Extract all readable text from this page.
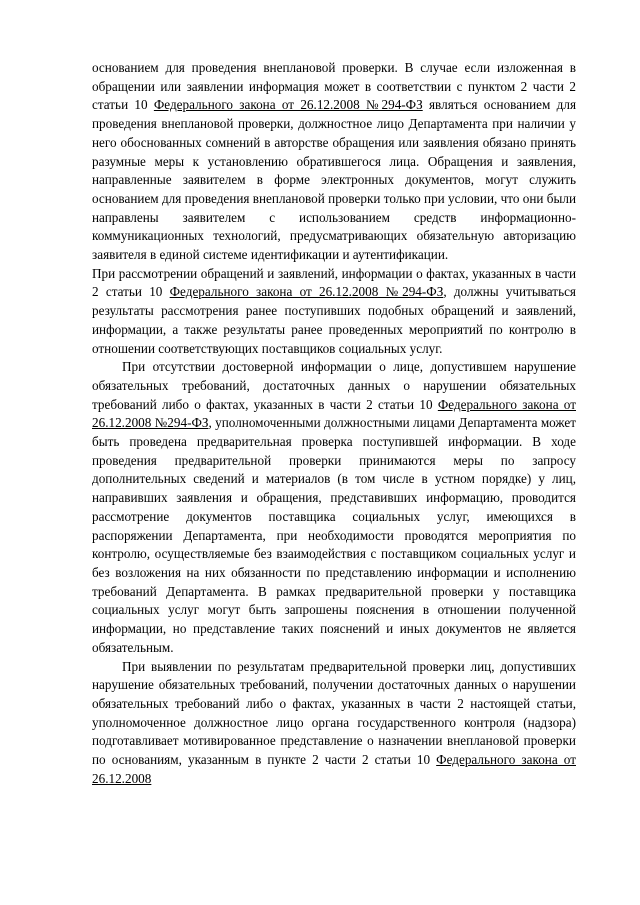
основанием для проведения внеплановой проверки. В случае если изложенная в обращении или заявлении информация может в соответствии с пунктом 2 части 2 статьи 10 Федерального закона от 26.12.2008 №294-ФЗ являться основанием для проведения внеплановой проверки, должностное лицо Департамента при наличии у него обоснованных сомнений в авторстве обращения или заявления обязано принять разумные меры к установлению обратившегося лица. Обращения и заявления, направленные заявителем в форме электронных документов, могут служить основанием для проведения внеплановой проверки только при условии, что они были направлены заявителем с использованием средств информационно-коммуникационных технологий, предусматривающих обязательную авторизацию заявителя в единой системе идентификации и аутентификации.

При рассмотрении обращений и заявлений, информации о фактах, указанных в части 2 статьи 10 Федерального закона от 26.12.2008 №294-ФЗ, должны учитываться результаты рассмотрения ранее поступивших подобных обращений и заявлений, информации, а также результаты ранее проведенных мероприятий по контролю в отношении соответствующих поставщиков социальных услуг.

При отсутствии достоверной информации о лице, допустившем нарушение обязательных требований, достаточных данных о нарушении обязательных требований либо о фактах, указанных в части 2 статьи 10 Федерального закона от 26.12.2008 №294-ФЗ, уполномоченными должностными лицами Департамента может быть проведена предварительная проверка поступившей информации. В ходе проведения предварительной проверки принимаются меры по запросу дополнительных сведений и материалов (в том числе в устном порядке) у лиц, направивших заявления и обращения, представивших информацию, проводится рассмотрение документов поставщика социальных услуг, имеющихся в распоряжении Департамента, при необходимости проводятся мероприятия по контролю, осуществляемые без взаимодействия с поставщиком социальных услуг и без возложения на них обязанности по представлению информации и исполнению требований Департамента. В рамках предварительной проверки у поставщика социальных услуг могут быть запрошены пояснения в отношении полученной информации, но представление таких пояснений и иных документов не является обязательным.

При выявлении по результатам предварительной проверки лиц, допустивших нарушение обязательных требований, получении достаточных данных о нарушении обязательных требований либо о фактах, указанных в части 2 настоящей статьи, уполномоченное должностное лицо органа государственного контроля (надзора) подготавливает мотивированное представление о назначении внеплановой проверки по основаниям, указанным в пункте 2 части 2 статьи 10 Федерального закона от 26.12.2008
